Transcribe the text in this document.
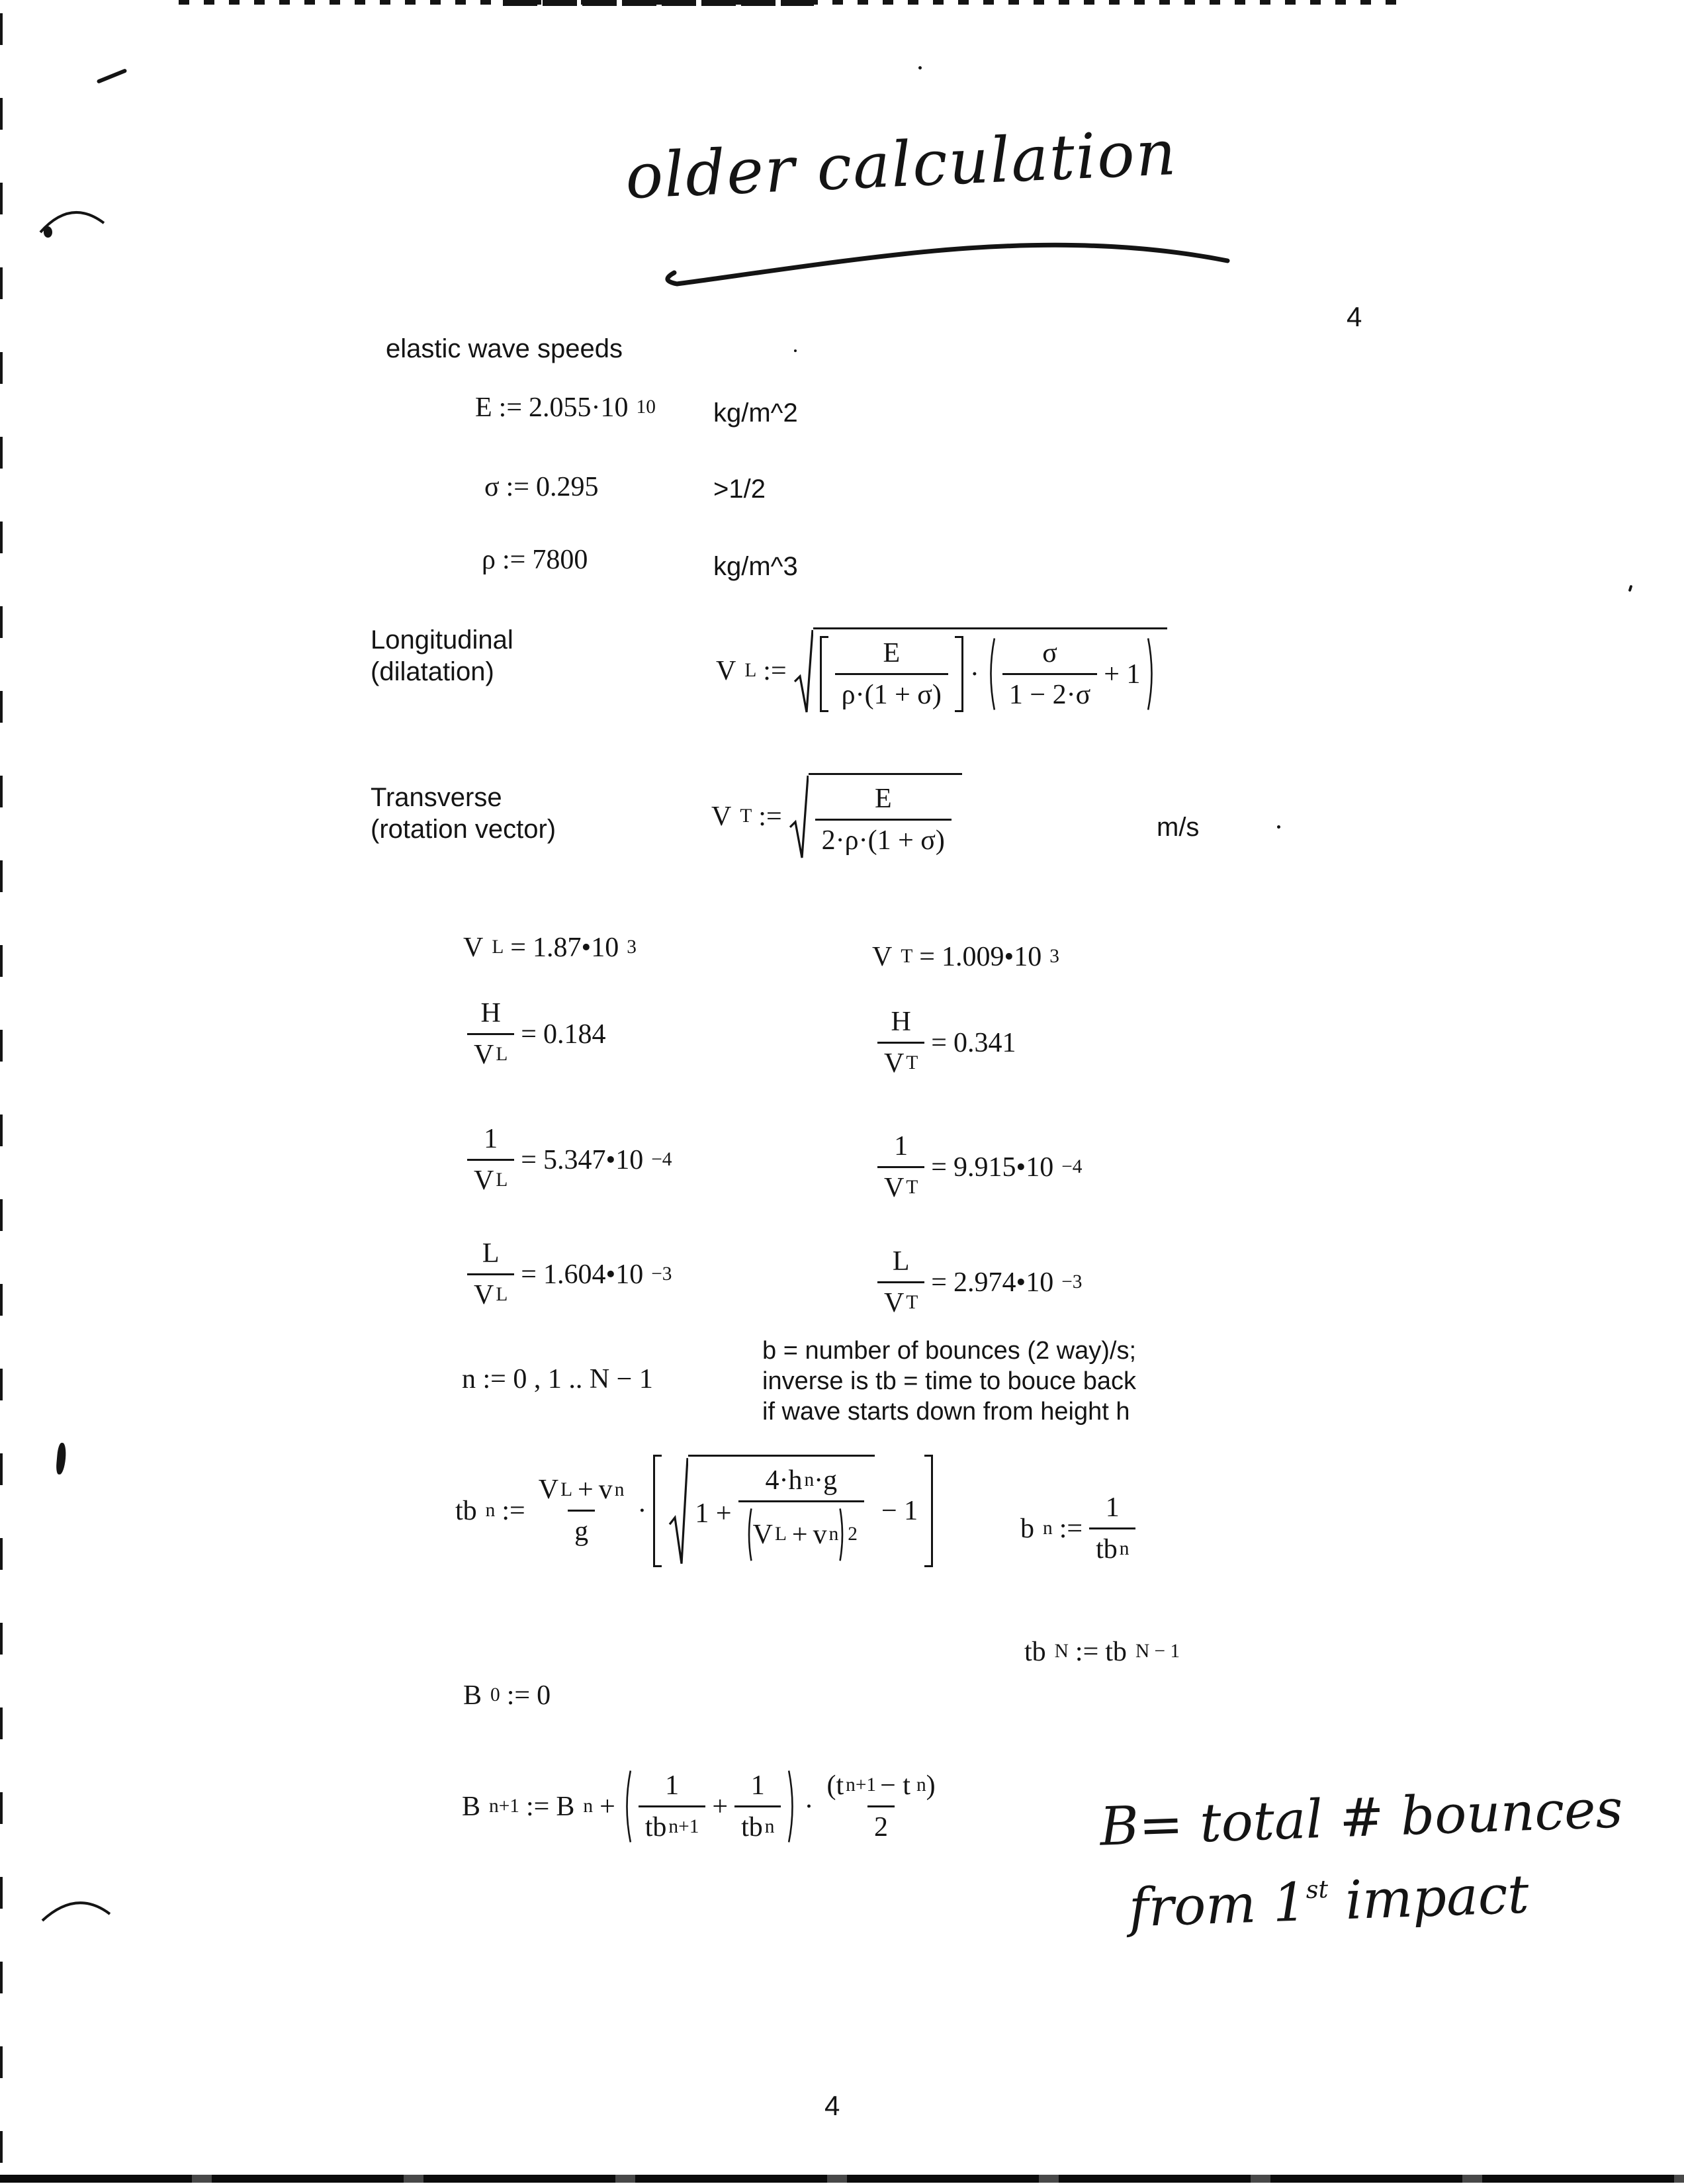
older calculation
4
elastic wave speeds
E := 2.055·10 10 kg/m^2
σ := 0.295	>1/2
ρ := 7800	kg/m^3
Longitudinal
(dilatation)	V L := $\frac{E}{\rho\cdot(1 + \sigma)} \cdot \frac{\sigma}{1 - 2\cdot\sigma} + 1$
Transverse
(rotation vector)	V T := $\frac{E}{2\cdot\rho\cdot(1 + \sigma)}$	m/s
V L = 1.87•10 3	V T = 1.009•10 3
$\frac{H}{\text{V L}} = 0.184$	$\frac{H}{\text{V T}} = 0.341$
$\frac{1}{\text{V L}}$ = 5.347•10 −4	$\frac{1}{\text{V T}}$ = 9.915•10 −4
$\frac{L}{\text{V L}}$ = 1.604•10 −3	$\frac{L}{\text{V T}}$ = 2.974•10 −3
n := 0 , 1 .. N − 1
b = number of bounces (2 way)/s;
inverse is tb = time to bouce back
if wave starts down from height h
tb n := $\frac{\text{V L + v n}}{g} \cdot 1$ +
4·h n ·g
V L + v n 2
− 1
b n := $\frac{1}{\text{tb n}}$
tb N := tb N − 1
B 0 := 0
B n+1 := B $n + \frac{1}{\text{tb n+1}} + \frac{1}{\text{tb n}} \cdot \frac{\text{( t n+1 − t n )}}{2}$	B= total # bounces
from 1st impact
4
